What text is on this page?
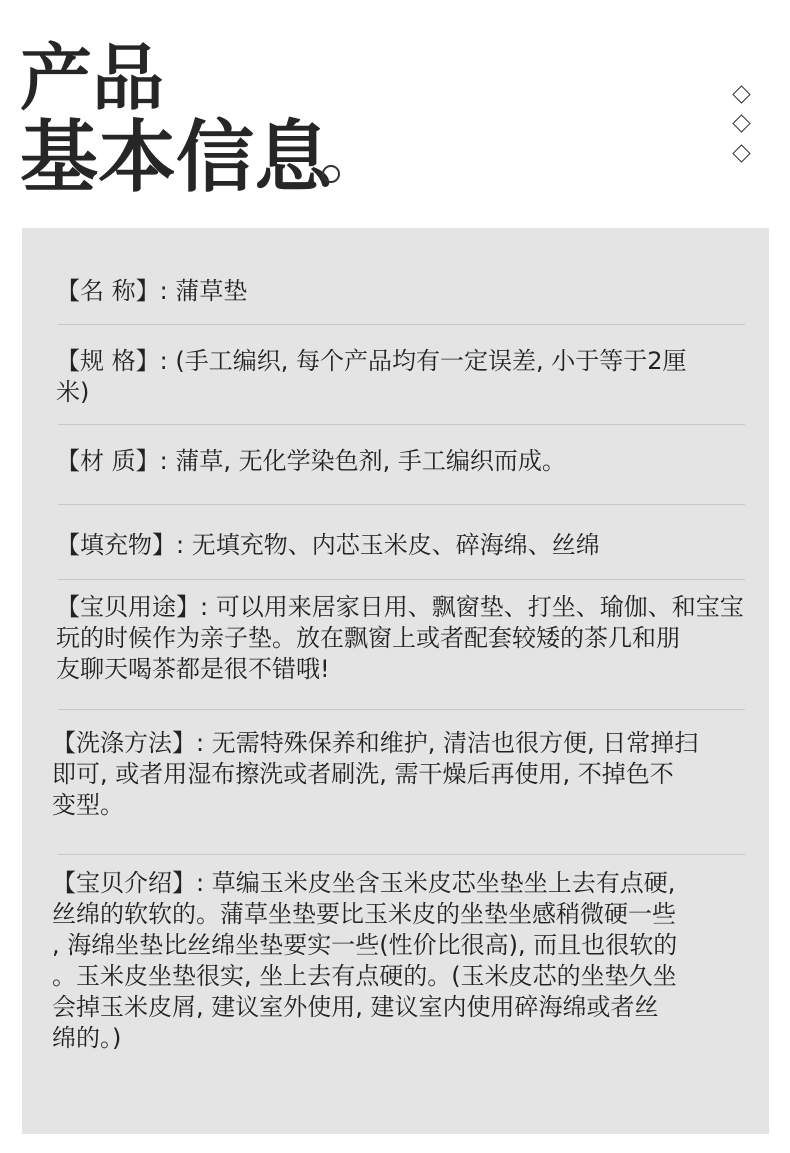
产品
基本信息

【名 称】: 蒲草垫

【规 格】: (手工编织, 每个产品均有一定误差, 小于等于2厘
米)

【材 质】: 蒲草, 无化学染色剂, 手工编织而成。

【填充物】: 无填充物、内芯玉米皮、碎海绵、丝绵

【宝贝用途】: 可以用来居家日用、飘窗垫、打坐、瑜伽、和宝宝
玩的时候作为亲子垫。放在飘窗上或者配套较矮的茶几和朋
友聊天喝茶都是很不错哦!

【洗涤方法】: 无需特殊保养和维护, 清洁也很方便, 日常掸扫
即可, 或者用湿布擦洗或者刷洗, 需干燥后再使用, 不掉色不
变型。

【宝贝介绍】: 草编玉米皮坐含玉米皮芯坐垫坐上去有点硬,
丝绵的软软的。蒲草坐垫要比玉米皮的坐垫坐感稍微硬一些
, 海绵坐垫比丝绵坐垫要实一些(性价比很高), 而且也很软的
。玉米皮坐垫很实, 坐上去有点硬的。(玉米皮芯的坐垫久坐
会掉玉米皮屑, 建议室外使用, 建议室内使用碎海绵或者丝
绵的。)
